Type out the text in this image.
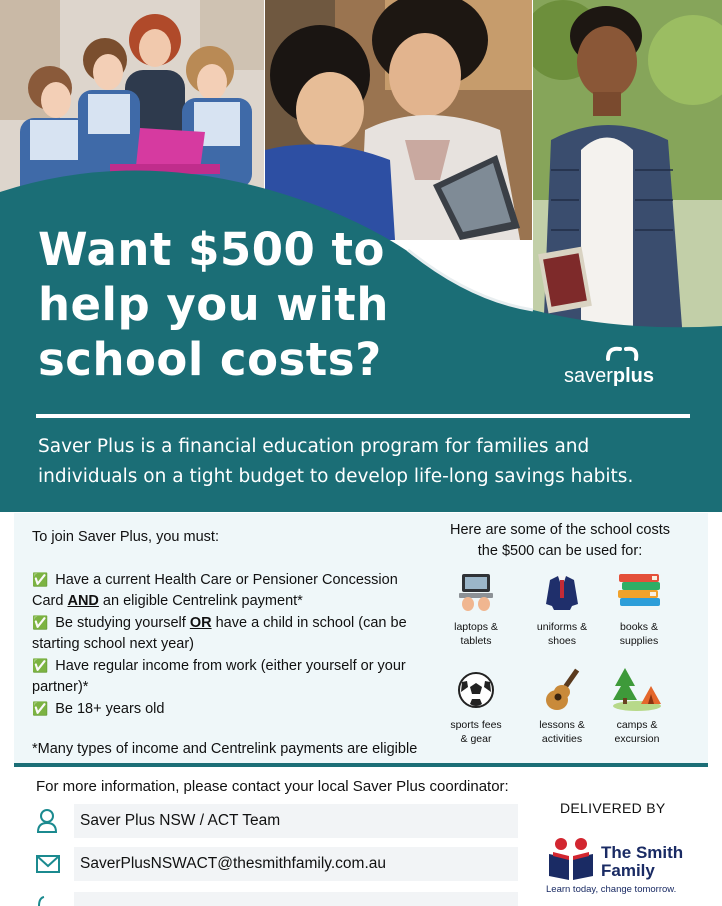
Want $500 to
help you with
school costs?	saverplus

Saver Plus is a financial education program for families and individuals on a tight budget to develop life-long savings habits.

To join Saver Plus, you must:
✅ Have a current Health Care or Pensioner Concession Card AND an eligible Centrelink payment*
✅ Be studying yourself OR have a child in school (can be starting school next year)
✅ Have regular income from work (either yourself or your partner)*
✅ Be 18+ years old
*Many types of income and Centrelink payments are eligible
Here are some of the school costs the $500 can be used for:
laptops &
tablets
uniforms &
shoes
books &
supplies
sports fees
& gear
lessons &
activities
camps &
excursion
For more information, please contact your local Saver Plus coordinator:
Saver Plus NSW / ACT Team
SaverPlusNSWACT@thesmithfamily.com.au
DELIVERED BY
The Smith
Family
Learn today, change tomorrow.
